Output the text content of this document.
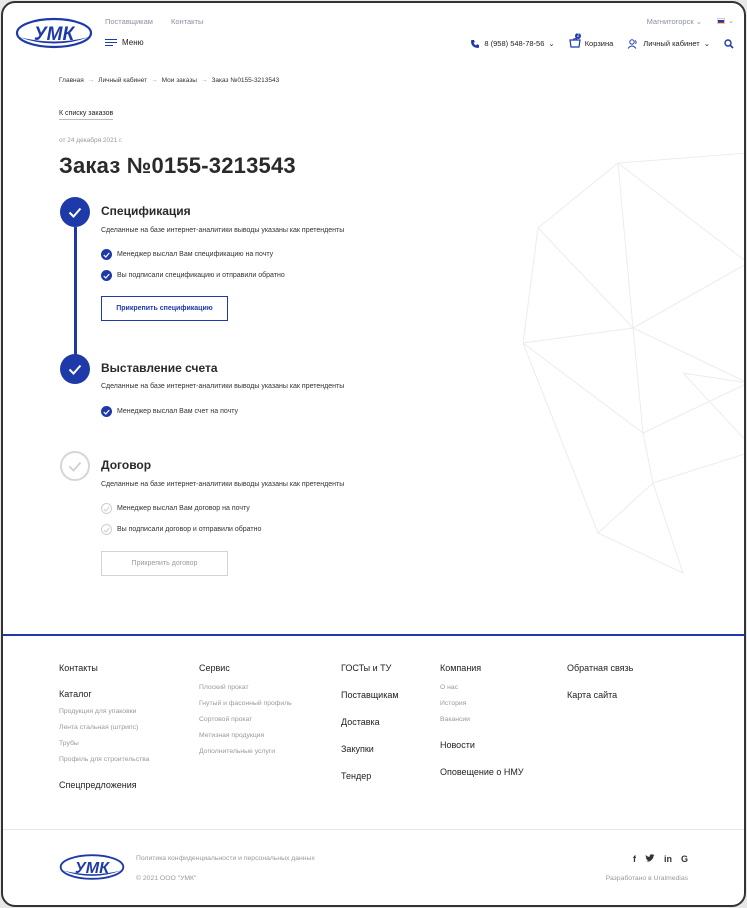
УМК
Поставщикам Контакты	Магнитогорск ⌄	⌄
Меню	8 (958) 548-78-56 ⌄
2
Корзина	Личный кабинет ⌄
Главная → Личный кабинет → Мои заказы → Заказ №0155-3213543
К списку заказов
от 24 декабря 2021 г.
Заказ №0155-3213543
Спецификация
Сделанные на базе интернет-аналитики выводы указаны как претенденты
Менеджер выслал Вам спецификацию на почту
Вы подписали спецификацию и отправили обратно
Прикрепить спецификацию
Выставление счета
Сделанные на базе интернет-аналитики выводы указаны как претенденты
Менеджер выслал Вам счет на почту
Договор
Сделанные на базе интернет-аналитики выводы указаны как претенденты
Менеджер выслал Вам договор на почту
Вы подписали договор и отправили обратно
Прикрепить договор
Контакты
Каталог
Продукция для упаковки
Лента стальная (штрипс)
Трубы
Профиль для строительства
Спецпредложения
Сервис
Плоский прокат
Гнутый и фасонный профиль
Сортовой прокат
Метизная продукция
Дополнительные услуги
ГОСТы и ТУ
Поставщикам
Доставка
Закупки
Тендер
Компания
О нас
История
Вакансии
Новости
Оповещение о НМУ
Обратная связь
Карта сайта
УМК
Политика конфиденциальности и персональных данных
© 2021 ООО "УМК"
f	in G
Разработано в Uralmedias
